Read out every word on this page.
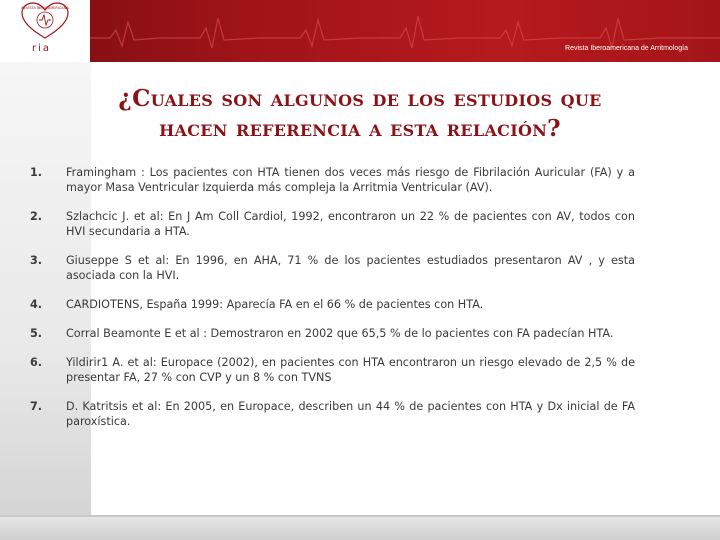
REVISTA IBEROAMERICANA
ria	Revista Iberoamericana de Arritmología
¿Cuales son algunos de los estudios que
hacen referencia a esta relación?
1.	Framingham : Los pacientes con HTA tienen dos veces más riesgo de Fibrilación Auricular (FA) y a mayor Masa Ventricular Izquierda más compleja la Arritmia Ventricular (AV).
2.	Szlachcic J. et al: En J Am Coll Cardiol, 1992, encontraron un 22 % de pacientes con AV, todos con HVI secundaria a HTA.
3.	Giuseppe S et al: En 1996, en AHA, 71 % de los pacientes estudiados presentaron AV , y esta asociada con la HVI.
4.	CARDIOTENS, España 1999: Aparecía FA en el 66 % de pacientes con HTA.
5.	Corral Beamonte E et al : Demostraron en 2002 que 65,5 % de lo pacientes con FA padecían HTA.
6.	Yildirir1 A. et al: Europace (2002), en pacientes con HTA encontraron un riesgo elevado de 2,5 % de presentar FA, 27 % con CVP y un 8 % con TVNS
7.	D. Katritsis et al: En 2005, en Europace, describen un 44 % de pacientes con HTA y Dx inicial de FA paroxística.
